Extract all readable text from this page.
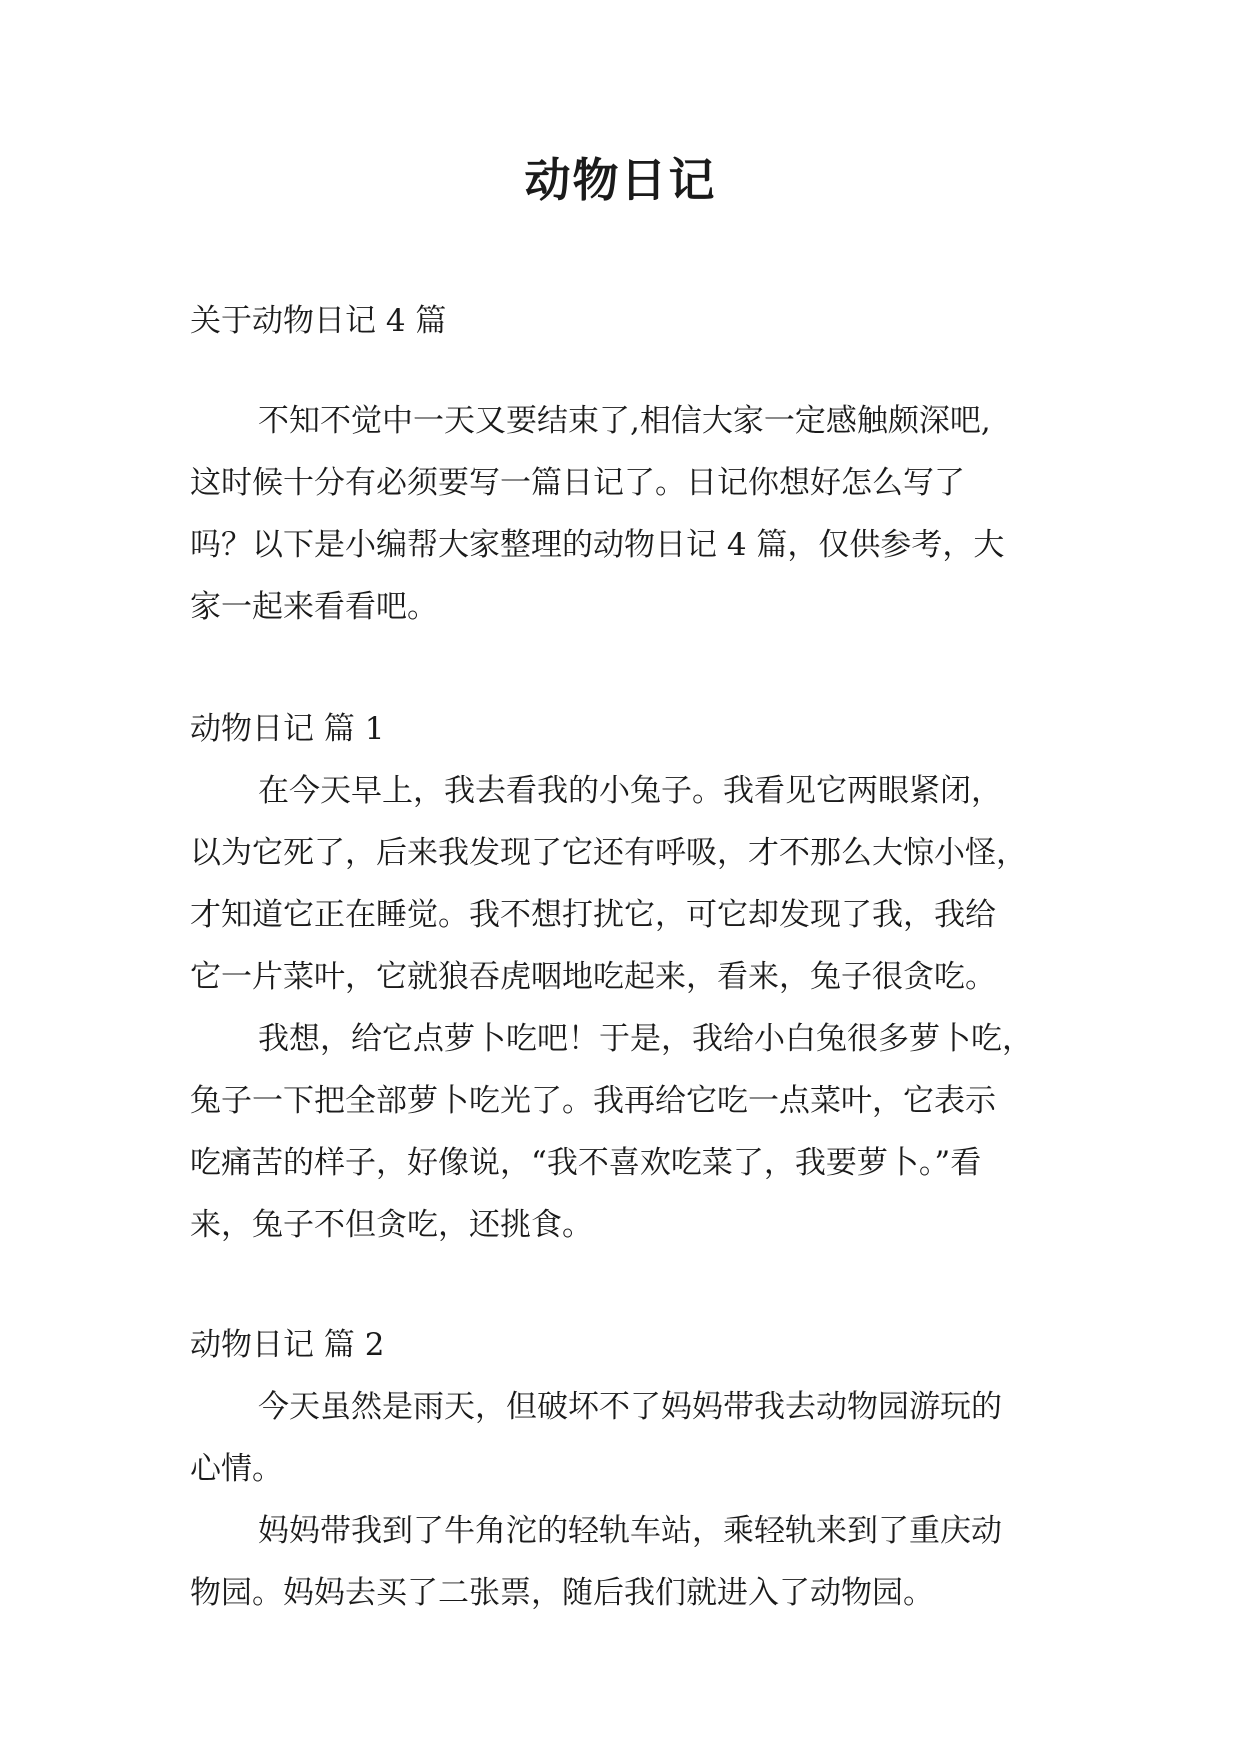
动物日记

关于动物日记 4 篇

不知不觉中一天又要结束了,相信大家一定感触颇深吧,

这时候十分有必须要写一篇日记了。日记你想好怎么写了

吗？以下是小编帮大家整理的动物日记 4 篇，仅供参考，大

家一起来看看吧。

动物日记 篇 1

在今天早上，我去看我的小兔子。我看见它两眼紧闭，

以为它死了，后来我发现了它还有呼吸，才不那么大惊小怪，

才知道它正在睡觉。我不想打扰它，可它却发现了我，我给

它一片菜叶，它就狼吞虎咽地吃起来，看来，兔子很贪吃。

我想，给它点萝卜吃吧！于是，我给小白兔很多萝卜吃，

兔子一下把全部萝卜吃光了。我再给它吃一点菜叶，它表示

吃痛苦的样子，好像说，“我不喜欢吃菜了，我要萝卜。”看

来，兔子不但贪吃，还挑食。

动物日记 篇 2

今天虽然是雨天，但破坏不了妈妈带我去动物园游玩的

心情。

妈妈带我到了牛角沱的轻轨车站，乘轻轨来到了重庆动

物园。妈妈去买了二张票，随后我们就进入了动物园。
